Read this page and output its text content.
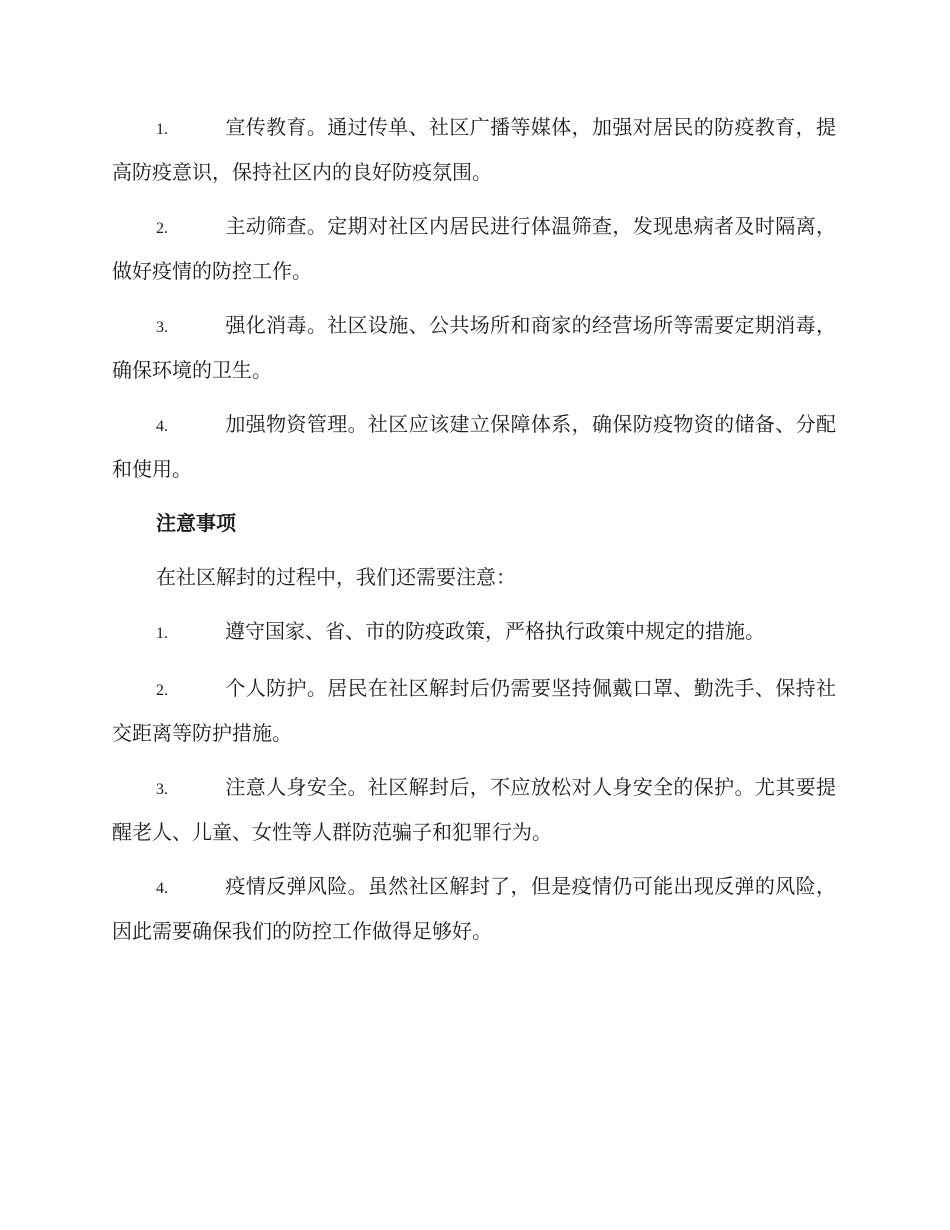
1.	宣传教育。通过传单、社区广播等媒体，加强对居民的防疫教育，提高防疫意识，保持社区内的良好防疫氛围。
2.	主动筛查。定期对社区内居民进行体温筛查，发现患病者及时隔离，做好疫情的防控工作。
3.	强化消毒。社区设施、公共场所和商家的经营场所等需要定期消毒，确保环境的卫生。
4.	加强物资管理。社区应该建立保障体系，确保防疫物资的储备、分配和使用。
注意事项
在社区解封的过程中，我们还需要注意：
1.	遵守国家、省、市的防疫政策，严格执行政策中规定的措施。
2.	个人防护。居民在社区解封后仍需要坚持佩戴口罩、勤洗手、保持社交距离等防护措施。
3.	注意人身安全。社区解封后，不应放松对人身安全的保护。尤其要提醒老人、儿童、女性等人群防范骗子和犯罪行为。
4.	疫情反弹风险。虽然社区解封了，但是疫情仍可能出现反弹的风险，因此需要确保我们的防控工作做得足够好。
